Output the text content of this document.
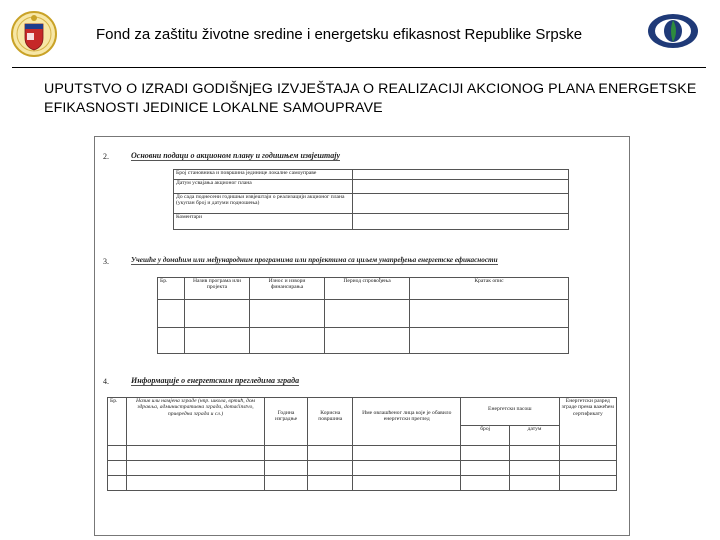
Fond za zaštitu životne sredine i energetsku efikasnost Republike Srpske
UPUTSTVO O IZRADI GODIŠNjEG IZVJEŠTAJA O REALIZACIJI AKCIONOG PLANA ENERGETSKE EFIKASNOSTI JEDINICE LOKALNE SAMOUPRAVE
2.	Основни подаци о акционом плану и годишњем извјештају
Број становника и површина јединице локалне самоуправе	
Датум усвајања акционог плана	
До сада поднесени годишњи извјештаји о реализацији акционог плана (укупан број и датуми подношења)	
Коментари	
3.	Учешће у домаћим или међународним програмима или пројектима са циљем унапређења енергетске ефикасности
Бр.	Назив програма или пројекта	Износ и извори финансирања	Период спровођења	Кратак опис

4.	Информације о енергетским прегледима зграда
Бр.	Назив или намјена зграде (нпр. школа, вртић, дом здравља, административна зграда, domaćinstvo, привредна зграда и сл.)	Година изградње	Корисна површина	Име овлашћеног лица које је обавило енергетски преглед	Енергетски пасош		Енергетски разред зграде према важећем сертификату
					број	датум	
